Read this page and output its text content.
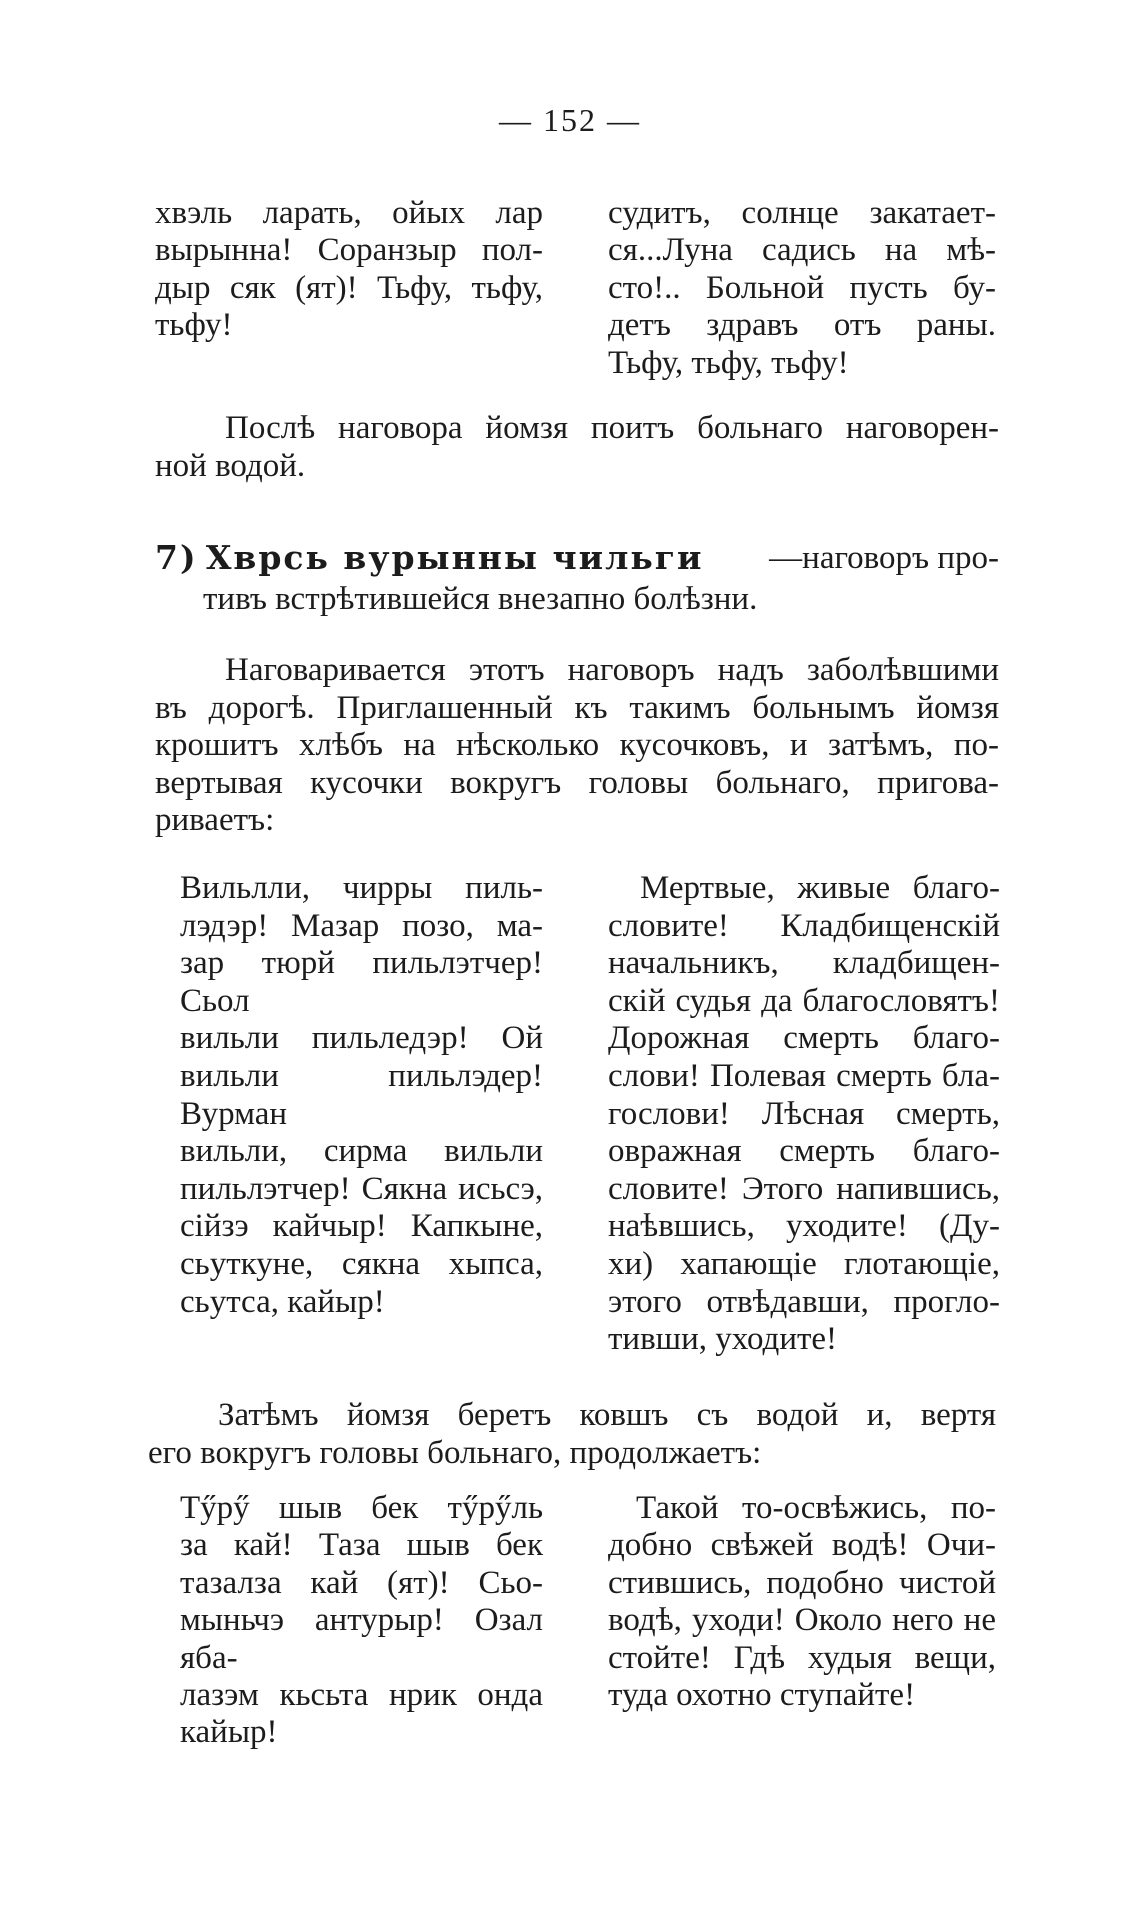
— 152 —
хвэль ларать, ойых лар
вырынна! Соранзыр пол-
дыр сяк (ят)! Тьфу, тьфу,
тьфу!
судитъ, солнце закатает-
ся...Луна садись на мѣ-
сто!.. Больной пусть бу-
детъ здравъ отъ раны.
Тьфу, тьфу, тьфу!
Послѣ наговора йомзя поитъ больнаго наговорен-
ной водой.
7) Хврсь вурынны чильги —наговоръ про-
тивъ встрѣтившейся внезапно болѣзни.
Наговаривается этотъ наговоръ надъ заболѣвшими
въ дорогѣ. Приглашенный къ такимъ больнымъ йомзя
крошитъ хлѣбъ на нѣсколько кусочковъ, и затѣмъ, по-
вертывая кусочки вокругъ головы больнаго, пригова-
риваетъ:
Вильлли, чирры пиль-
лэдэр! Мазар позо, ма-
зар тюрй пильлэтчер! Сьол
вильли пильледэр! Ой
вильли пильлэдер! Вурман
вильли, сирма вильли
пильлэтчер! Сякна исьсэ,
сiйзэ кайчыр! Капкыне,
сьуткуне, сякна хыпса,
сьутса, кайыр!
Мертвые, живые благо-
словите! Кладбищенскiй
начальникъ, кладбищен-
скiй судья да благословятъ!
Дорожная смерть благо-
слови! Полевая смерть бла-
гослови! Лѣсная смерть,
овражная смерть благо-
словите! Этого напившись,
наѣвшись, уходите! (Ду-
хи) хапающiе глотающiе,
этого отвѣдавши, проглo-
тивши, уходите!
Затѣмъ йомзя беретъ ковшъ съ водой и, вертя
его вокругъ головы больнаго, продолжаетъ:
Тӳрӳ шыв бек тӳрӳль
за кай! Таза шыв бек
тазалза кай (ят)! Сьо-
мыньчэ антурыр! Озал ябa-
лазэм кьсьта нрик онда
кайыр!
Такой то-освѣжись, по-
добно свѣжей водѣ! Очи-
стившись, подобно чистой
водѣ, уходи! Около него не
стойте! Гдѣ худыя вещи,
туда охотно ступайте!
